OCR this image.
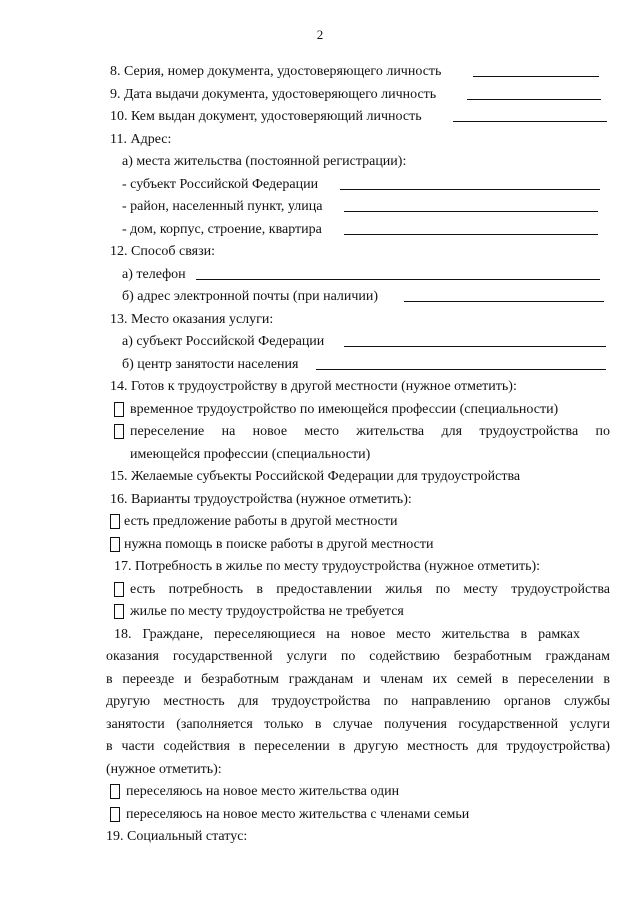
2
8. Серия, номер документа, удостоверяющего личность
9. Дата выдачи документа, удостоверяющего личность
10. Кем выдан документ, удостоверяющий личность
11. Адрес:
а) места жительства (постоянной регистрации):
- субъект Российской Федерации
- район, населенный пункт, улица
- дом, корпус, строение, квартира
12. Способ связи:
а) телефон
б) адрес электронной почты (при наличии)
13. Место оказания услуги:
а) субъект Российской Федерации
б) центр занятости населения
14. Готов к трудоустройству в другой местности (нужное отметить):
временное трудоустройство по имеющейся профессии (специальности)
переселение на новое место жительства для трудоустройства по
имеющейся профессии (специальности)
15. Желаемые субъекты Российской Федерации для трудоустройства
16. Варианты трудоустройства (нужное отметить):
есть предложение работы в другой местности
нужна помощь в поиске работы в другой местности
17. Потребность в жилье по месту трудоустройства (нужное отметить):
есть потребность в предоставлении жилья по месту трудоустройства
жилье по месту трудоустройства не требуется
18. Граждане, переселяющиеся на новое место жительства в рамках
оказания государственной услуги по содействию безработным гражданам
в переезде и безработным гражданам и членам их семей в переселении в
другую местность для трудоустройства по направлению органов службы
занятости (заполняется только в случае получения государственной услуги
в части содействия в переселении в другую местность для трудоустройства)
(нужное отметить):
переселяюсь на новое место жительства один
переселяюсь на новое место жительства с членами семьи
19. Социальный статус:
